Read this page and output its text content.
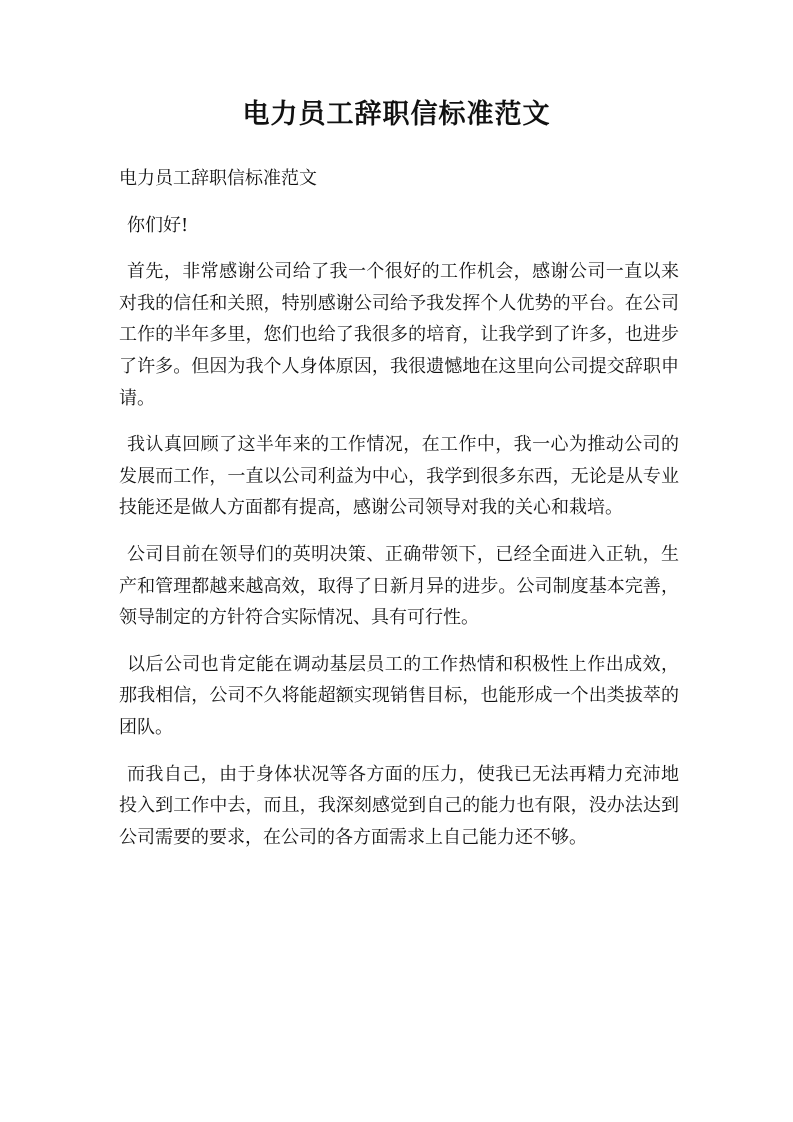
电力员工辞职信标准范文

电力员工辞职信标准范文

你们好!

首先，非常感谢公司给了我一个很好的工作机会，感谢公司一直以来对我的信任和关照，特别感谢公司给予我发挥个人优势的平台。在公司工作的半年多里，您们也给了我很多的培育，让我学到了许多，也进步了许多。但因为我个人身体原因，我很遗憾地在这里向公司提交辞职申请。

我认真回顾了这半年来的工作情况，在工作中，我一心为推动公司的发展而工作，一直以公司利益为中心，我学到很多东西，无论是从专业技能还是做人方面都有提高，感谢公司领导对我的关心和栽培。

公司目前在领导们的英明决策、正确带领下，已经全面进入正轨，生产和管理都越来越高效，取得了日新月异的进步。公司制度基本完善，领导制定的方针符合实际情况、具有可行性。

以后公司也肯定能在调动基层员工的工作热情和积极性上作出成效，那我相信，公司不久将能超额实现销售目标，也能形成一个出类拔萃的团队。

而我自己，由于身体状况等各方面的压力，使我已无法再精力充沛地投入到工作中去，而且，我深刻感觉到自己的能力也有限，没办法达到公司需要的要求，在公司的各方面需求上自己能力还不够。
